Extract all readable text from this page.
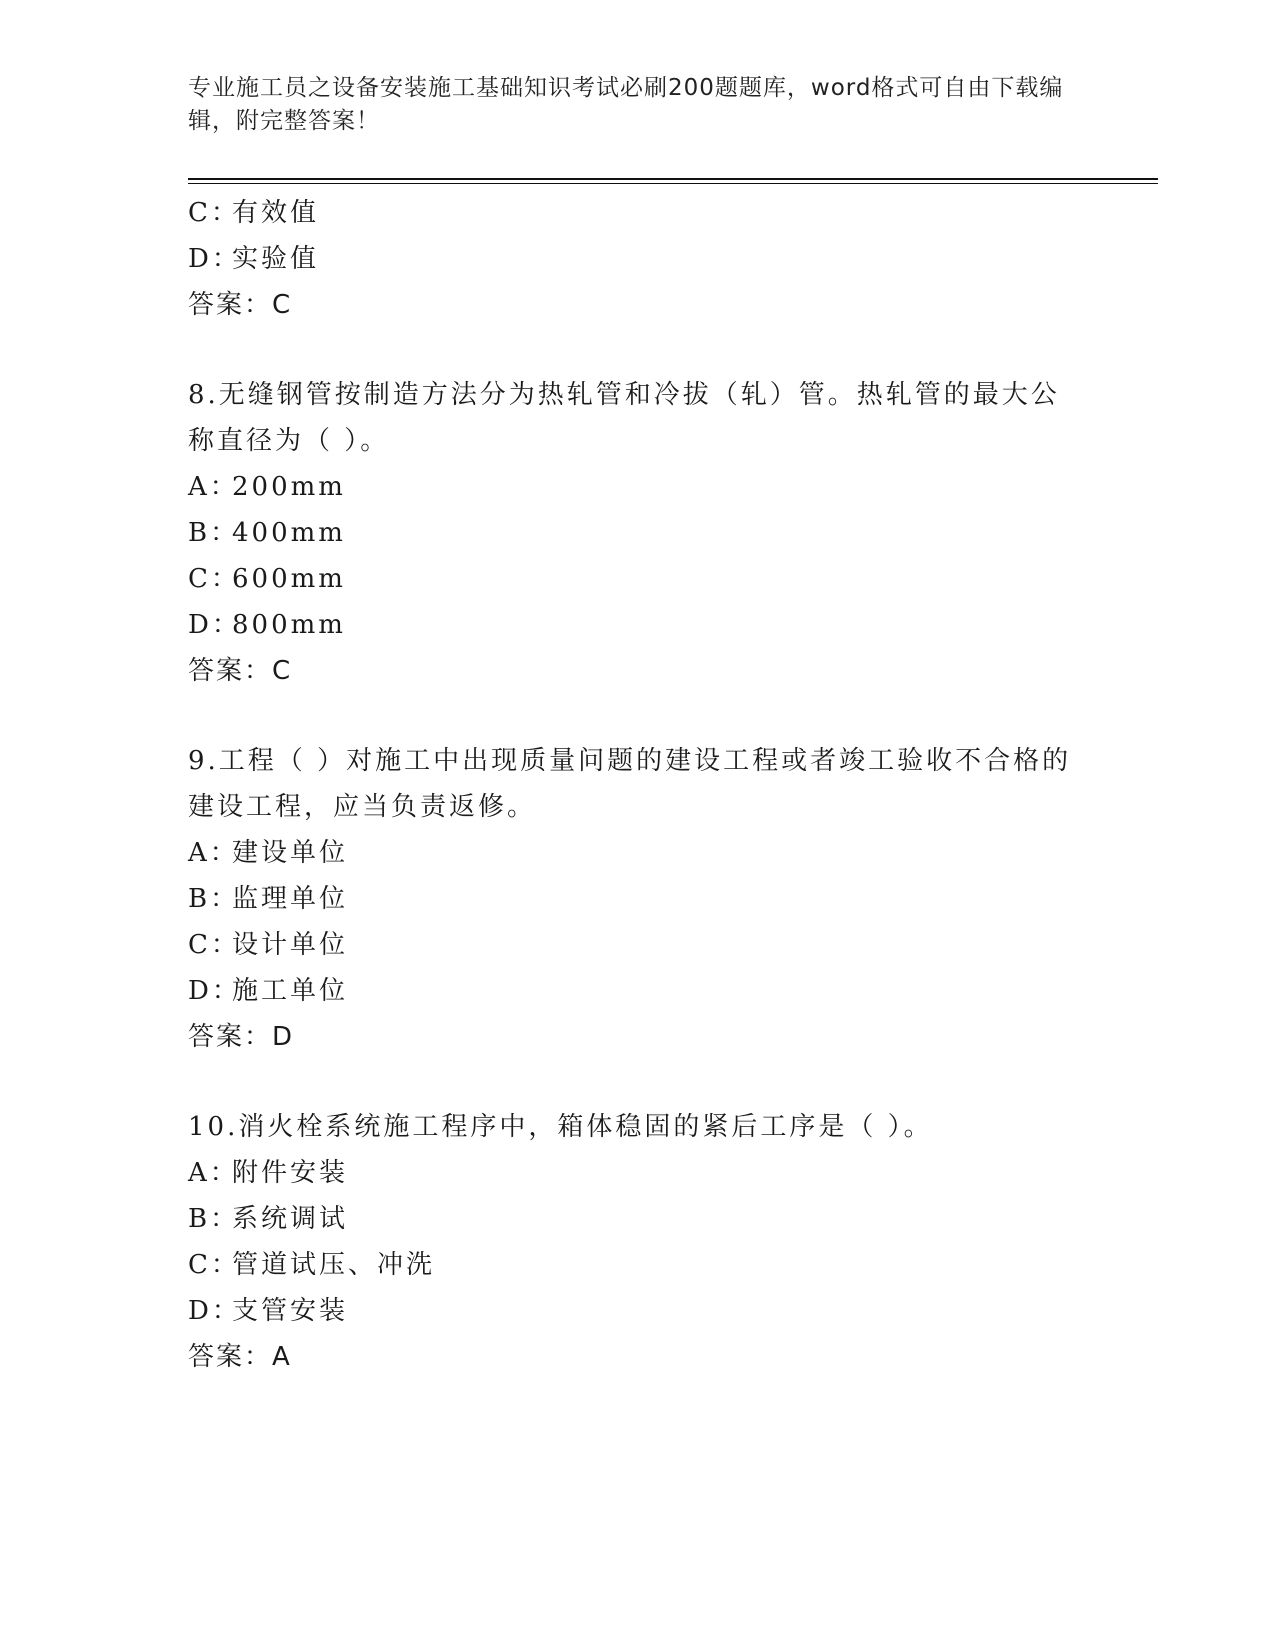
专业施工员之设备安装施工基础知识考试必刷200题题库，word格式可自由下载编辑，附完整答案！
C：有效值
D：实验值
答案：C
8.无缝钢管按制造方法分为热轧管和冷拔（轧）管。热轧管的最大公称直径为（ ）。
A：200mm
B：400mm
C：600mm
D：800mm
答案：C
9.工程（ ）对施工中出现质量问题的建设工程或者竣工验收不合格的建设工程，应当负责返修。
A：建设单位
B：监理单位
C：设计单位
D：施工单位
答案：D
10.消火栓系统施工程序中，箱体稳固的紧后工序是（ ）。
A：附件安装
B：系统调试
C：管道试压、冲洗
D：支管安装
答案：A
